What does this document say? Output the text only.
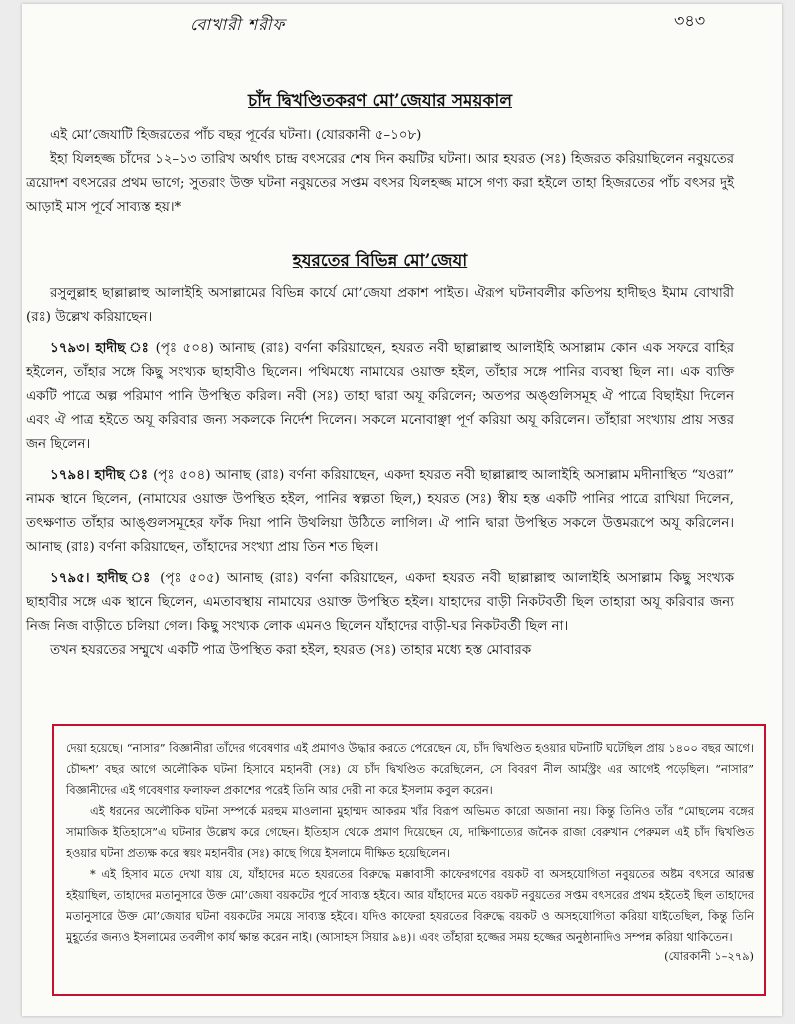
বোখারী শরীফ	৩৪৩
চাঁদ দ্বিখণ্ডিতকরণ মো’জেযার সময়কাল

এই মো’জেযাটি হিজরতের পাঁচ বছর পূর্বের ঘটনা। (যোরকানী ৫–১০৮)

ইহা যিলহজ্জ চাঁদের ১২–১৩ তারিখ অর্থাৎ চান্দ্র বৎসরের শেষ দিন কয়টির ঘটনা। আর হযরত (সঃ) হিজরত করিয়াছিলেন নবুয়তের ত্রয়োদশ বৎসরের প্রথম ভাগে; সুতরাং উক্ত ঘটনা নবুয়তের সপ্তম বৎসর যিলহজ্জ মাসে গণ্য করা হইলে তাহা হিজরতের পাঁচ বৎসর দুই আড়াই মাস পূর্বে সাব্যস্ত হয়।*

হযরতের বিভিন্ন মো’জেযা

রসুলুল্লাহ ছাল্লাল্লাহু আলাইহি অসাল্লামের বিভিন্ন কার্যে মো’জেযা প্রকাশ পাইত। ঐরূপ ঘটনাবলীর কতিপয় হাদীছও ইমাম বোখারী (রঃ) উল্লেখ করিয়াছেন।

১৭৯৩। হাদীছ ঃ (পৃঃ ৫০৪) আনাছ (রাঃ) বর্ণনা করিয়াছেন, হযরত নবী ছাল্লাল্লাহু আলাইহি অসাল্লাম কোন এক সফরে বাহির হইলেন, তাঁহার সঙ্গে কিছু সংখ্যক ছাহাবীও ছিলেন। পথিমধ্যে নামাযের ওয়াক্ত হইল, তাঁহার সঙ্গে পানির ব্যবস্থা ছিল না। এক ব্যক্তি একটি পাত্রে অল্প পরিমাণ পানি উপস্থিত করিল। নবী (সঃ) তাহা দ্বারা অযূ করিলেন; অতপর অঙ্গুলিসমূহ ঐ পাত্রে বিছাইয়া দিলেন এবং ঐ পাত্র হইতে অযূ করিবার জন্য সকলকে নির্দেশ দিলেন। সকলে মনোবাঞ্ছা পূর্ণ করিয়া অযূ করিলেন। তাঁহারা সংখ্যায় প্রায় সত্তর জন ছিলেন।

১৭৯৪। হাদীছ ঃ (পৃঃ ৫০৪) আনাছ (রাঃ) বর্ণনা করিয়াছেন, একদা হযরত নবী ছাল্লাল্লাহু আলাইহি অসাল্লাম মদীনাস্থিত “যওরা” নামক স্থানে ছিলেন, (নামাযের ওয়াক্ত উপস্থিত হইল, পানির স্বল্পতা ছিল,) হযরত (সঃ) স্বীয় হস্ত একটি পানির পাত্রে রাখিয়া দিলেন, তৎক্ষণাত তাঁহার আঙ্গুলসমূহের ফাঁক দিয়া পানি উথলিয়া উঠিতে লাগিল। ঐ পানি দ্বারা উপস্থিত সকলে উত্তমরূপে অযূ করিলেন। আনাছ (রাঃ) বর্ণনা করিয়াছেন, তাঁহাদের সংখ্যা প্রায় তিন শত ছিল।

১৭৯৫। হাদীছ ঃ (পৃঃ ৫০৫) আনাছ (রাঃ) বর্ণনা করিয়াছেন, একদা হযরত নবী ছাল্লাল্লাহু আলাইহি অসাল্লাম কিছু সংখ্যক ছাহাবীর সঙ্গে এক স্থানে ছিলেন, এমতাবস্থায় নামাযের ওয়াক্ত উপস্থিত হইল। যাহাদের বাড়ী নিকটবর্তী ছিল তাহারা অযূ করিবার জন্য নিজ নিজ বাড়ীতে চলিয়া গেল। কিছু সংখ্যক লোক এমনও ছিলেন যাঁহাদের বাড়ী-ঘর নিকটবর্তী ছিল না।

তখন হযরতের সম্মুখে একটি পাত্র উপস্থিত করা হইল, হযরত (সঃ) তাহার মধ্যে হস্ত মোবারক

দেয়া হয়েছে। “নাসার” বিজ্ঞানীরা তাঁদের গবেষণার এই প্রমাণও উদ্ধার করতে পেরেছেন যে, চাঁদ দ্বিখণ্ডিত হওয়ার ঘটনাটি ঘটেছিল প্রায় ১৪০০ বছর আগে। চৌদ্দশ’ বছর আগে অলৌকিক ঘটনা হিসাবে মহানবী (সঃ) যে চাঁদ দ্বিখণ্ডিত করেছিলেন, সে বিবরণ নীল আর্মস্ট্রং এর আগেই পড়েছিল। “নাসার” বিজ্ঞানীদের এই গবেষণার ফলাফল প্রকাশের পরেই তিনি আর দেরী না করে ইসলাম কবুল করেন।

এই ধরনের অলৌকিক ঘটনা সম্পর্কে মরহুম মাওলানা মুহাম্মদ আকরম খাঁর বিরূপ অভিমত কারো অজানা নয়। কিন্তু তিনিও তাঁর “মোছলেম বঙ্গের সামাজিক ইতিহাসে”এ ঘটনার উল্লেখ করে গেছেন। ইতিহাস থেকে প্রমাণ দিয়েছেন যে, দাক্ষিণাত্যের জনৈক রাজা বেরুখান পেরুমল এই চাঁদ দ্বিখণ্ডিত হওয়ার ঘটনা প্রত্যক্ষ করে স্বয়ং মহানবীর (সঃ) কাছে গিয়ে ইসলামে দীক্ষিত হয়েছিলেন।

* এই হিসাব মতে দেখা যায় যে, যাঁহাদের মতে হযরতের বিরুদ্ধে মক্কাবাসী কাফেরগণের বয়কট বা অসহযোগিতা নবুয়তের অষ্টম বৎসরে আরম্ভ হইয়াছিল, তাহাদের মতানুসারে উক্ত মো’জেযা বয়কটের পূর্বে সাব্যস্ত হইবে। আর যাঁহাদের মতে বয়কট নবুয়তের সপ্তম বৎসরের প্রথম হইতেই ছিল তাহাদের মতানুসারে উক্ত মো’জেযার ঘটনা বয়কটের সময়ে সাব্যস্ত হইবে। যদিও কাফেরা হযরতের বিরুদ্ধে বয়কট ও অসহযোগিতা করিয়া যাইতেছিল, কিন্তু তিনি মুহূর্তের জন্যও ইসলামের তবলীগ কার্য ক্ষান্ত করেন নাই। (আসাহস সিয়ার ৯৪)। এবং তাঁহারা হজ্জের সময় হজ্জের অনুষ্ঠানাদিও সম্পন্ন করিয়া থাকিতেন।

(যোরকানী ১–২৭৯)
